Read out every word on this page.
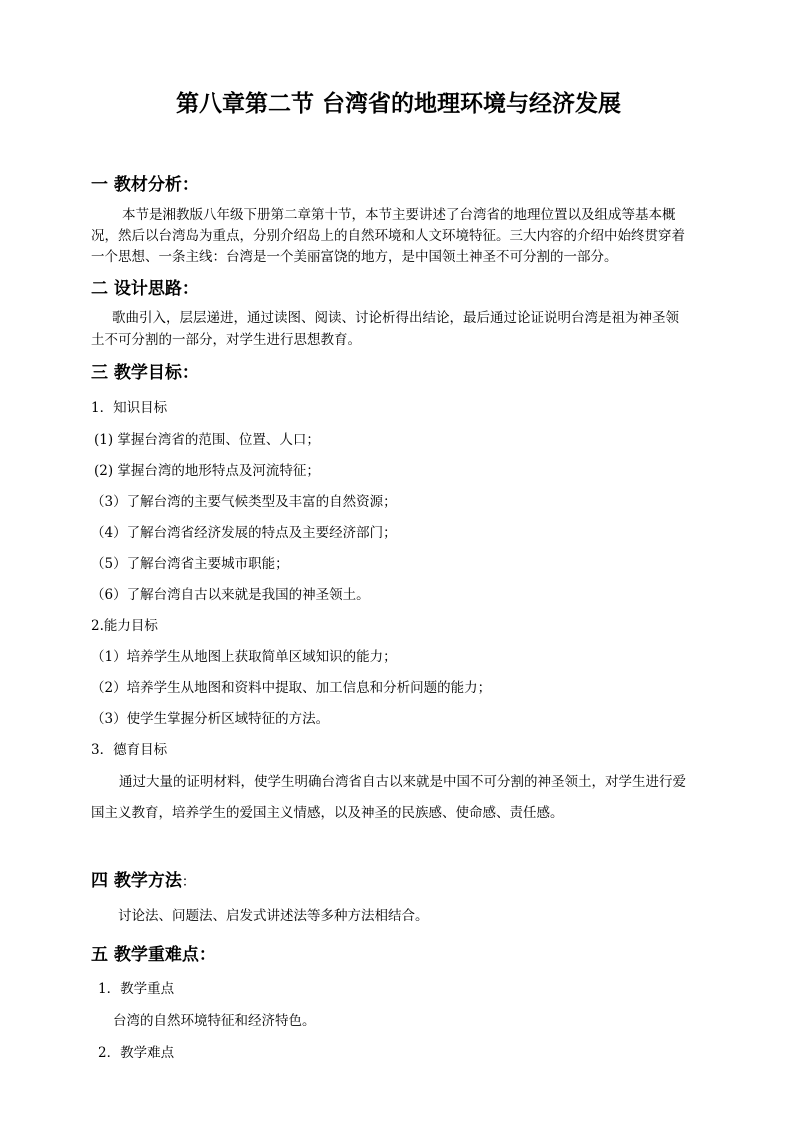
第八章第二节 台湾省的地理环境与经济发展
一 教材分析：
本节是湘教版八年级下册第二章第十节，本节主要讲述了台湾省的地理位置以及组成等基本概
况，然后以台湾岛为重点，分别介绍岛上的自然环境和人文环境特征。三大内容的介绍中始终贯穿着
一个思想、一条主线：台湾是一个美丽富饶的地方，是中国领土神圣不可分割的一部分。
二 设计思路：
歌曲引入，层层递进，通过读图、阅读、讨论析得出结论，最后通过论证说明台湾是祖为神圣领
土不可分割的一部分，对学生进行思想教育。
三 教学目标：
1．知识目标
(1) 掌握台湾省的范围、位置、人口；
(2) 掌握台湾的地形特点及河流特征；
（3）了解台湾的主要气候类型及丰富的自然资源；
（4）了解台湾省经济发展的特点及主要经济部门；
（5）了解台湾省主要城市职能；
（6）了解台湾自古以来就是我国的神圣领土。
2.能力目标
（1）培养学生从地图上获取简单区域知识的能力；
（2）培养学生从地图和资料中提取、加工信息和分析问题的能力；
（3）使学生掌握分析区域特征的方法。
3．德育目标
通过大量的证明材料，使学生明确台湾省自古以来就是中国不可分割的神圣领土，对学生进行爱
国主义教育，培养学生的爱国主义情感，以及神圣的民族感、使命感、责任感。
四 教学方法：
讨论法、问题法、启发式讲述法等多种方法相结合。
五 教学重难点：
1．教学重点
台湾的自然环境特征和经济特色。
2．教学难点
